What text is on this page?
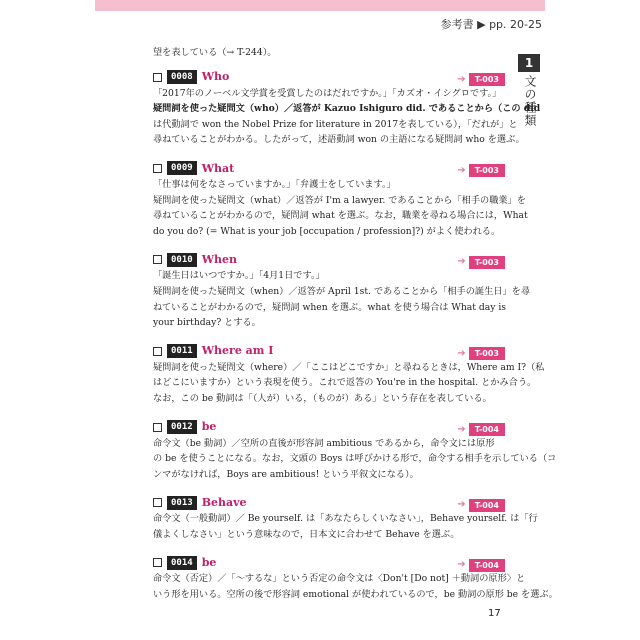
参考書 ▶ pp. 20-25
1
文の種類
望を表している（→ T-244）。
0008 Who	➔	T-003
「2017年のノーベル文学賞を受賞したのはだれですか。」「カズオ・イシグロです。」
疑問詞を使った疑問文（who）／返答が Kazuo Ishiguro did. であることから（この did
は代動詞で won the Nobel Prize for literature in 2017を表している），「だれが」と
尋ねていることがわかる。したがって，述語動詞 won の主語になる疑問詞 who を選ぶ。
0009 What	➔	T-003
「仕事は何をなさっていますか。」「弁護士をしています。」
疑問詞を使った疑問文（what）／返答が I'm a lawyer. であることから「相手の職業」を
尋ねていることがわかるので，疑問詞 what を選ぶ。なお，職業を尋ねる場合には，What
do you do? (= What is your job [occupation / profession]?) がよく使われる。
0010 When	➔	T-003
「誕生日はいつですか。」「4月1日です。」
疑問詞を使った疑問文（when）／返答が April 1st. であることから「相手の誕生日」を尋
ねていることがわかるので，疑問詞 when を選ぶ。what を使う場合は What day is
your birthday? とする。
0011 Where am I	➔	T-003
疑問詞を使った疑問文（where）／「ここはどこですか」と尋ねるときは，Where am I?（私
はどこにいますか）という表現を使う。これで返答の You're in the hospital. とかみ合う。
なお，この be 動詞は「（人が）いる，（ものが）ある」という存在を表している。
0012 be	➔	T-004
命令文（be 動詞）／空所の直後が形容詞 ambitious であるから，命令文には原形
の be を使うことになる。なお，文頭の Boys は呼びかける形で，命令する相手を示している（コ
ンマがなければ，Boys are ambitious! という平叙文になる）。
0013 Behave	➔	T-004
命令文（一般動詞）／ Be yourself. は「あなたらしくいなさい」，Behave yourself. は「行
儀よくしなさい」という意味なので，日本文に合わせて Behave を選ぶ。
0014 be	➔	T-004
命令文（否定）／「～するな」という否定の命令文は〈Don't [Do not] ＋動詞の原形〉と
いう形を用いる。空所の後で形容詞 emotional が使われているので，be 動詞の原形 be を選ぶ。
17
